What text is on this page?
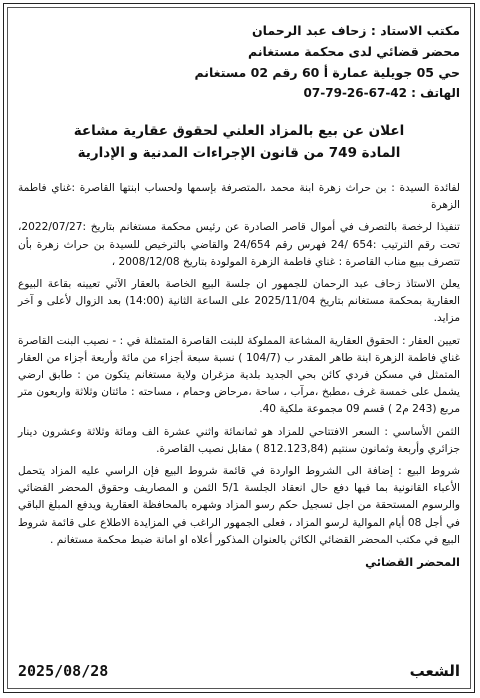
مكتب الاستاد : زحاف عبد الرحمان
محضر قضائي لدى محكمة مستغانم
حي 05 جويلية عمارة أ 60 رقم 02 مستغانم
الهاتف : 42-67-26-79-07
اعلان عن بيع بالمزاد العلني لحقوق عقارية مشاعة
المادة 749 من قانون الإجراءات المدنية و الإدارية

لفائدة السيدة : بن حراث زهرة ابنة محمد ،المتصرفة بإسمها ولحساب ابنتها القاصرة :غناي فاطمة الزهرة

تنفيذا لرخصة بالتصرف في أموال قاصر الصادرة عن رئيس محكمة مستغانم بتاريخ :2022/07/27، تحت رقم الترتيب :654 /24 فهرس رقم 24/654 والقاضي بالترخيص للسيدة بن حراث زهرة بأن تتصرف ببيع مناب القاصرة : غناي فاطمة الزهرة المولودة بتاريخ 2008/12/08 ،

يعلن الاستاذ زحاف عبد الرحمان للجمهور ان جلسة البيع الخاصة بالعقار الآتي تعيينه بقاعة البيوع العقارية بمحكمة مستغانم بتاريخ 2025/11/04 على الساعة الثانية (14:00) بعد الزوال لأعلى و آخر مزايد.

تعيين العقار : الحقوق العقارية المشاعة المملوكة للبنت القاصرة المتمثلة في : - نصيب البنت القاصرة غناي فاطمة الزهرة ابنة طاهر المقدر ب (104/7 ) نسبة سبعة أجزاء من مائة وأربعة أجزاء من العقار المتمثل في مسكن فردي كائن بحي الجديد بلدية مزغران ولاية مستغانم يتكون من : طابق ارضي يشمل على خمسة غرف ،مطبخ ،مرآب ، ساحة ،مرحاض وحمام ، مساحته : مائتان وثلاثة واربعون متر مربع (243 م2 ) قسم 09 مجموعة ملكية 40.

الثمن الأساسي : السعر الافتتاحي للمزاد هو ثمانمائة واثني عشرة الف ومائة وثلاثة وعشرون دينار جزائري وأربعة وثمانون سنتيم (812.123,84 ) مقابل نصيب القاصرة.

شروط البيع : إضافة الى الشروط الواردة في قائمة شروط البيع فإن الراسي عليه المزاد يتحمل الأعباء القانونية بما فيها دفع حال انعقاد الجلسة 5/1 الثمن و المصاريف وحقوق المحضر القضائي والرسوم المستحقة من اجل تسجيل حكم رسو المزاد وشهره بالمحافظة العقارية ويدفع المبلغ الباقي في أجل 08 أيام الموالية لرسو المزاد ، فعلى الجمهور الراغب في المزايدة الاطلاع على قائمة شروط البيع في مكتب المحضر القضائي الكائن بالعنوان المذكور أعلاه او امانة ضبط محكمة مستغانم .

المحضر القضائي
الشعب
2025/08/28
